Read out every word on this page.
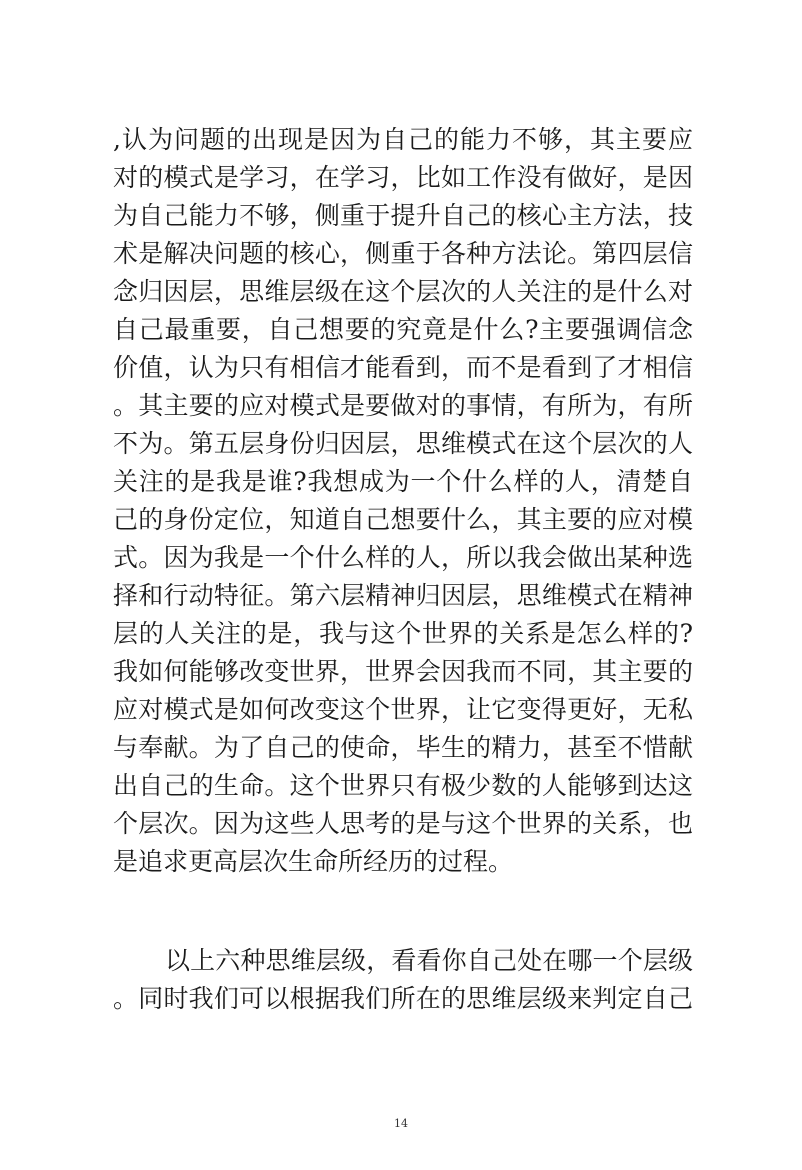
,认为问题的出现是因为自己的能力不够，其主要应
对的模式是学习，在学习，比如工作没有做好，是因
为自己能力不够，侧重于提升自己的核心主方法，技
术是解决问题的核心，侧重于各种方法论。第四层信
念归因层，思维层级在这个层次的人关注的是什么对
自己最重要，自己想要的究竟是什么?主要强调信念
价值，认为只有相信才能看到，而不是看到了才相信
。其主要的应对模式是要做对的事情，有所为，有所
不为。第五层身份归因层，思维模式在这个层次的人
关注的是我是谁?我想成为一个什么样的人，清楚自
己的身份定位，知道自己想要什么，其主要的应对模
式。因为我是一个什么样的人，所以我会做出某种选
择和行动特征。第六层精神归因层，思维模式在精神
层的人关注的是，我与这个世界的关系是怎么样的?
我如何能够改变世界，世界会因我而不同，其主要的
应对模式是如何改变这个世界，让它变得更好，无私
与奉献。为了自己的使命，毕生的精力，甚至不惜献
出自己的生命。这个世界只有极少数的人能够到达这
个层次。因为这些人思考的是与这个世界的关系，也
是追求更高层次生命所经历的过程。
以上六种思维层级，看看你自己处在哪一个层级
。同时我们可以根据我们所在的思维层级来判定自己
14
